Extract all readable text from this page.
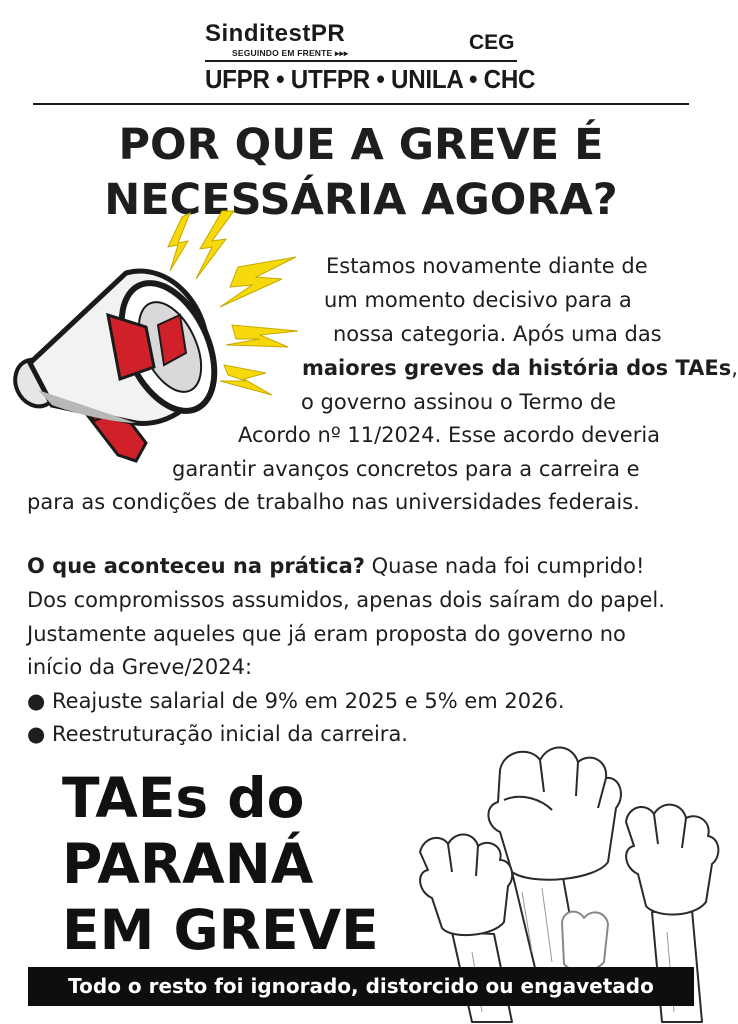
SinditestPR
SEGUINDO EM FRENTE ▸▸▸	CEG
UFPR • UTFPR • UNILA • CHC
POR QUE A GREVE É
NECESSÁRIA AGORA?
Estamos novamente diante de
um momento decisivo para a
nossa categoria. Após uma das
maiores greves da história dos TAEs,
o governo assinou o Termo de
Acordo nº 11/2024. Esse acordo deveria
garantir avanços concretos para a carreira e
para as condições de trabalho nas universidades federais.
O que aconteceu na prática? Quase nada foi cumprido!
Dos compromissos assumidos, apenas dois saíram do papel.
Justamente aqueles que já eram proposta do governo no
início da Greve/2024:
● Reajuste salarial de 9% em 2025 e 5% em 2026.
● Reestruturação inicial da carreira.
TAEs do
PARANÁ
EM GREVE
Todo o resto foi ignorado, distorcido ou engavetado
